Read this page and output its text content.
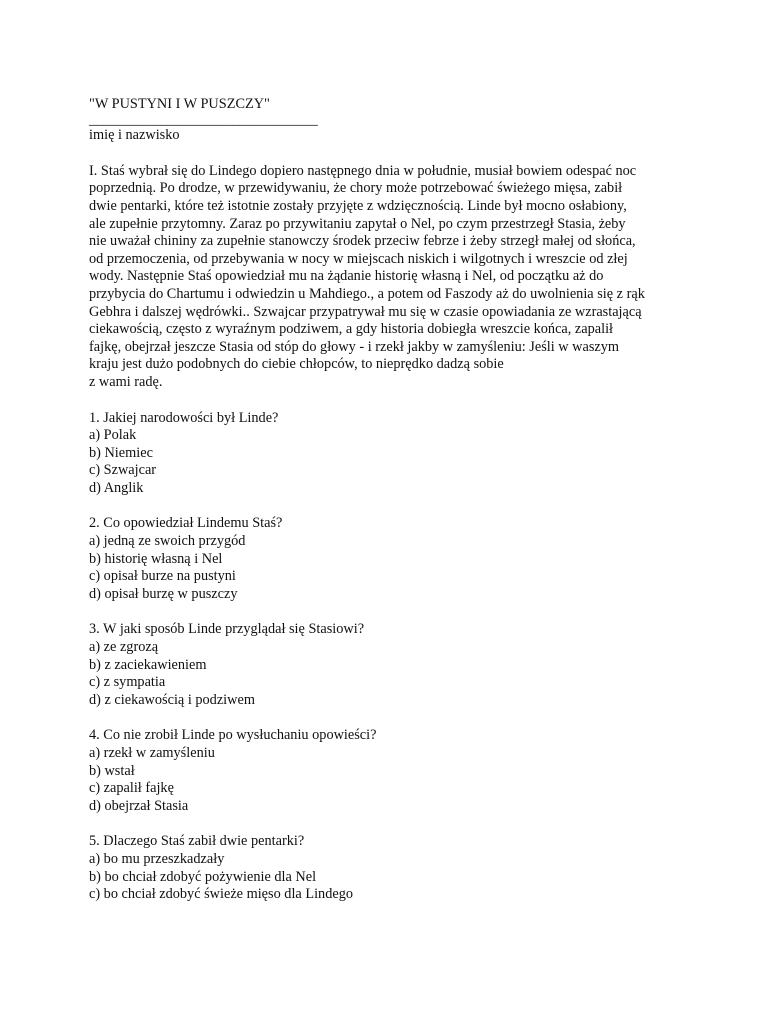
"W PUSTYNI I W PUSZCZY"
________________________________
imię i nazwisko
I. Staś wybrał się do Lindego dopiero następnego dnia w południe, musiał bowiem odespać noc
poprzednią. Po drodze, w przewidywaniu, że chory może potrzebować świeżego mięsa, zabił
dwie pentarki, które też istotnie zostały przyjęte z wdzięcznością. Linde był mocno osłabiony,
ale zupełnie przytomny. Zaraz po przywitaniu zapytał o Nel, po czym przestrzegł Stasia, żeby
nie uważał chininy za zupełnie stanowczy środek przeciw febrze i żeby strzegł małej od słońca,
od przemoczenia, od przebywania w nocy w miejscach niskich i wilgotnych i wreszcie od złej
wody. Następnie Staś opowiedział mu na żądanie historię własną i Nel, od początku aż do
przybycia do Chartumu i odwiedzin u Mahdiego., a potem od Faszody aż do uwolnienia się z rąk
Gebhra i dalszej wędrówki.. Szwajcar przypatrywał mu się w czasie opowiadania ze wzrastającą
ciekawością, często z wyraźnym podziwem, a gdy historia dobiegła wreszcie końca, zapalił
fajkę, obejrzał jeszcze Stasia od stóp do głowy - i rzekł jakby w zamyśleniu: Jeśli w waszym
kraju jest dużo podobnych do ciebie chłopców, to nieprędko dadzą sobie
z wami radę.
1. Jakiej narodowości był Linde?
a) Polak
b) Niemiec
c) Szwajcar
d) Anglik
2. Co opowiedział Lindemu Staś?
a) jedną ze swoich przygód
b) historię własną i Nel
c) opisał burze na pustyni
d) opisał burzę w puszczy
3. W jaki sposób Linde przyglądał się Stasiowi?
a) ze zgrozą
b) z zaciekawieniem
c) z sympatia
d) z ciekawością i podziwem
4. Co nie zrobił Linde po wysłuchaniu opowieści?
a) rzekł w zamyśleniu
b) wstał
c) zapalił fajkę
d) obejrzał Stasia
5. Dlaczego Staś zabił dwie pentarki?
a) bo mu przeszkadzały
b) bo chciał zdobyć pożywienie dla Nel
c) bo chciał zdobyć świeże mięso dla Lindego
